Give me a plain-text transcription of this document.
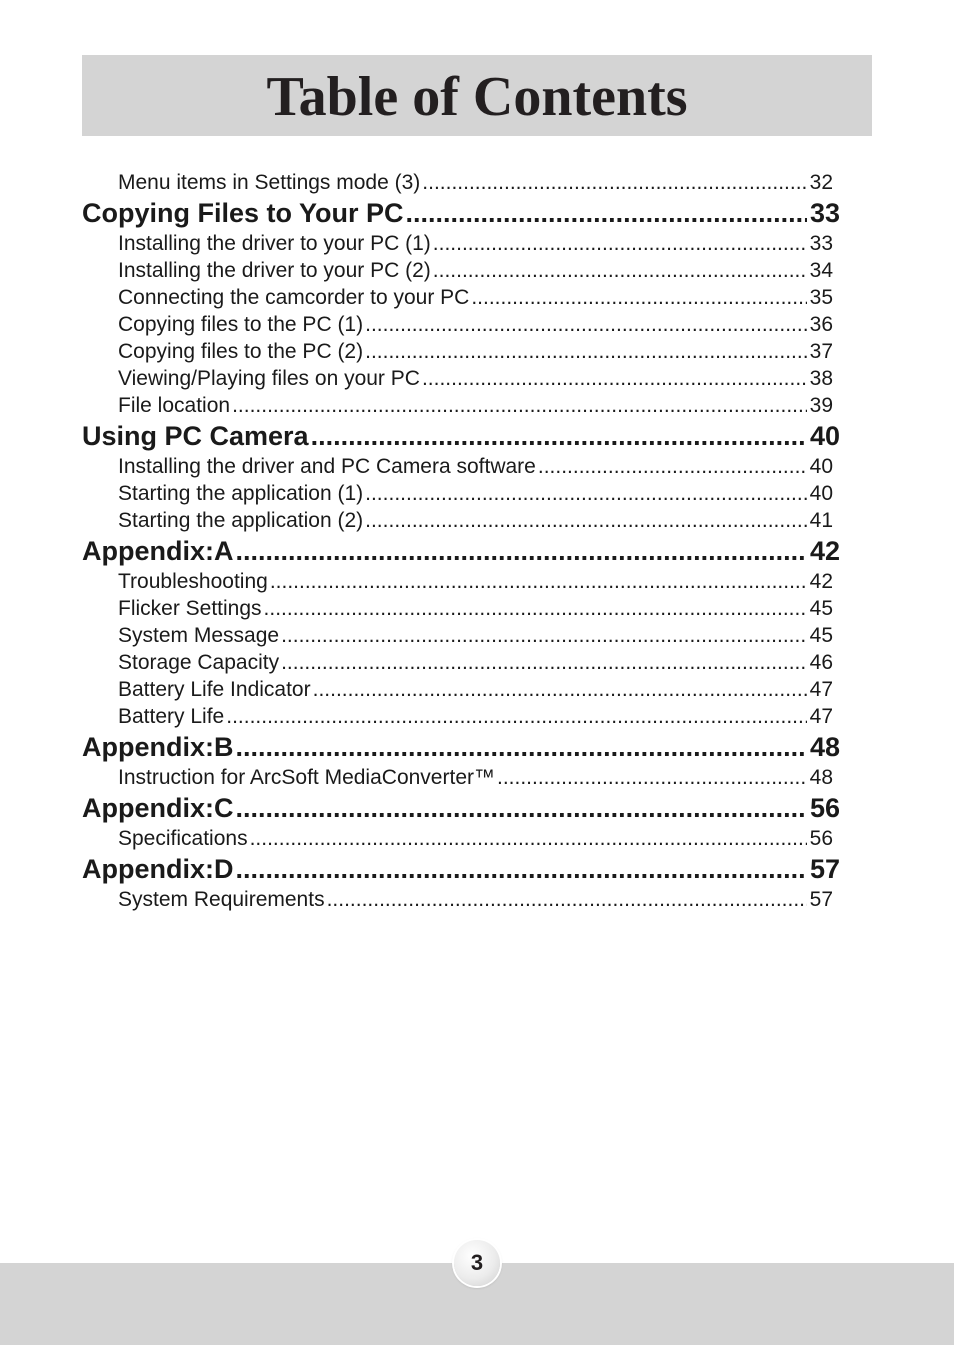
Table of Contents
Menu items in Settings mode (3) .....	32
Copying Files to Your PC .....	33
Installing the driver to your PC (1) .....	33
Installing the driver to your PC (2) .....	34
Connecting the camcorder to your PC .....	35
Copying files to the PC (1) .....	36
Copying files to the PC (2) .....	37
Viewing/Playing files on your PC .....	38
File location .....	39
Using PC Camera .....	40
Installing the driver and PC Camera software .....	40
Starting the application (1) .....	40
Starting the application (2) .....	41
Appendix:A .....	42
Troubleshooting .....	42
Flicker Settings .....	45
System Message .....	45
Storage Capacity .....	46
Battery Life Indicator .....	47
Battery Life .....	47
Appendix:B .....	48
Instruction for ArcSoft MediaConverter™ .....	48
Appendix:C .....	56
Specifications .....	56
Appendix:D .....	57
System Requirements .....	57
3
